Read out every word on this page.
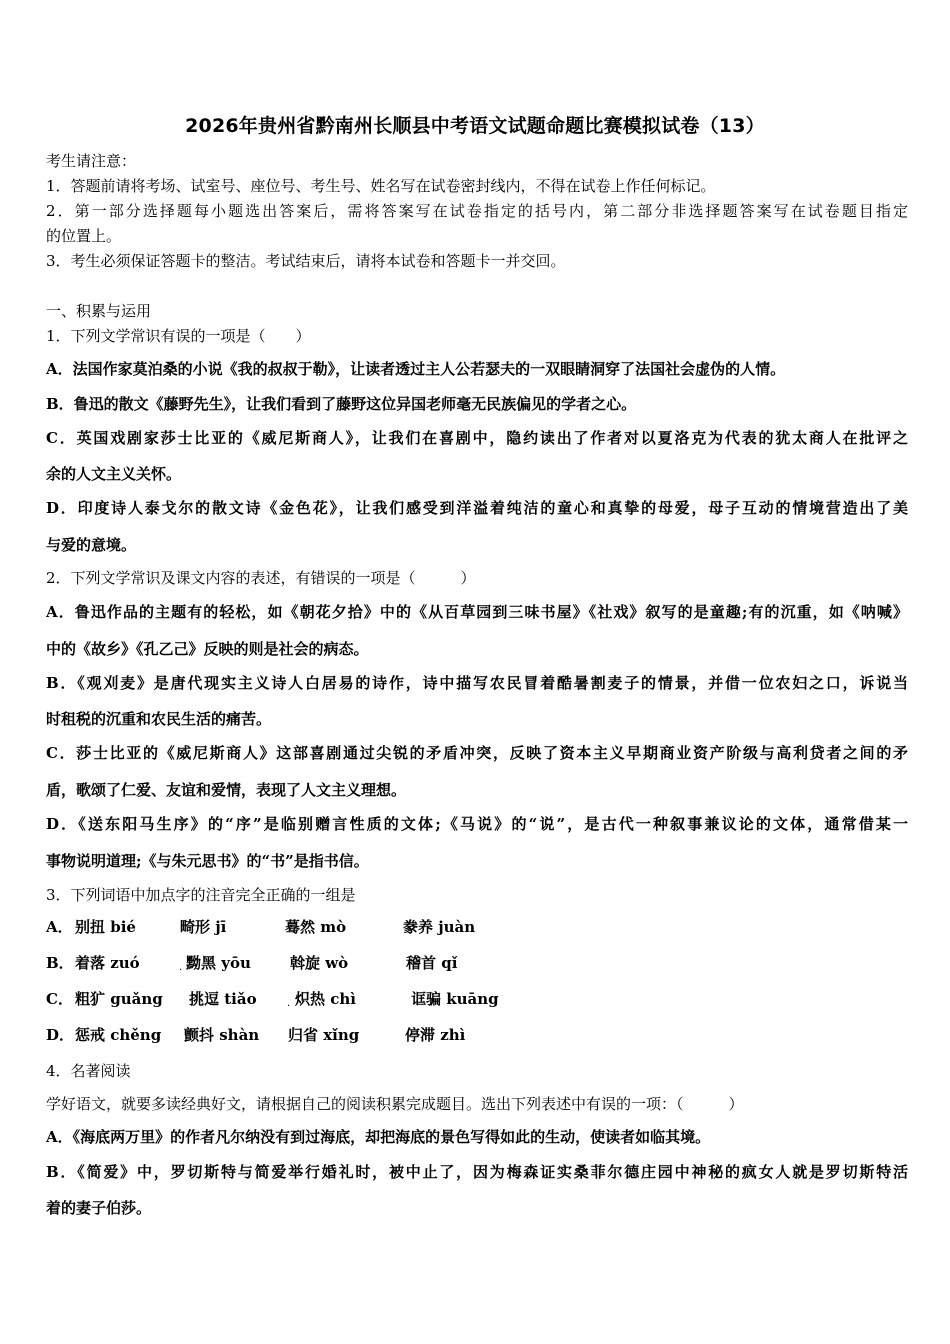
2026年贵州省黔南州长顺县中考语文试题命题比赛模拟试卷（13）
考生请注意：
1．答题前请将考场、试室号、座位号、考生号、姓名写在试卷密封线内，不得在试卷上作任何标记。
2．第一部分选择题每小题选出答案后，需将答案写在试卷指定的括号内，第二部分非选择题答案写在试卷题目指定
的位置上。
3．考生必须保证答题卡的整洁。考试结束后，请将本试卷和答题卡一并交回。
一、积累与运用
1．下列文学常识有误的一项是（　　）
A．法国作家莫泊桑的小说《我的叔叔于勒》，让读者透过主人公若瑟夫的一双眼睛洞穿了法国社会虚伪的人情。
B．鲁迅的散文《藤野先生》，让我们看到了藤野这位异国老师毫无民族偏见的学者之心。
C．英国戏剧家莎士比亚的《威尼斯商人》，让我们在喜剧中，隐约读出了作者对以夏洛克为代表的犹太商人在批评之
余的人文主义关怀。
D．印度诗人泰戈尔的散文诗《金色花》，让我们感受到洋溢着纯洁的童心和真挚的母爱，母子互动的情境营造出了美
与爱的意境。
2．下列文学常识及课文内容的表述，有错误的一项是（　　　）
A．鲁迅作品的主题有的轻松，如《朝花夕拾》中的《从百草园到三味书屋》《社戏》叙写的是童趣;有的沉重，如《呐喊》
中的《故乡》《孔乙己》反映的则是社会的病态。
B．《观刈麦》是唐代现实主义诗人白居易的诗作，诗中描写农民冒着酷暑割麦子的情景，并借一位农妇之口，诉说当
时租税的沉重和农民生活的痛苦。
C．莎士比亚的《威尼斯商人》这部喜剧通过尖锐的矛盾冲突，反映了资本主义早期商业资产阶级与高利贷者之间的矛
盾，歌颂了仁爱、友谊和爱情，表现了人文主义理想。
D．《送东阳马生序》的“序”是临别赠言性质的文体;《马说》的“说”，是古代一种叙事兼议论的文体，通常借某一
事物说明道理;《与朱元思书》的“书”是指书信。
3．下列词语中加点字的注音完全正确的一组是
A． 别扭 bié	畸形 jī	蓦然 mò	豢养 juàn
B． 着落 zuó	· 黝黑 yōu	斡旋 wò	稽首 qǐ
C． 粗犷 guǎng 挑逗 tiǎo	· 炽热 chì	诓骗 kuāng
D． 惩戒 chěng 颤抖 shàn 归省 xǐng	停滞 zhì
4．名著阅读
学好语文，就要多读经典好文，请根据自己的阅读积累完成题目。选出下列表述中有误的一项：（　　　）
A．《海底两万里》的作者凡尔纳没有到过海底，却把海底的景色写得如此的生动，使读者如临其境。
B．《简爱》中，罗切斯特与简爱举行婚礼时，被中止了，因为梅森证实桑菲尔德庄园中神秘的疯女人就是罗切斯特活
着的妻子伯莎。
